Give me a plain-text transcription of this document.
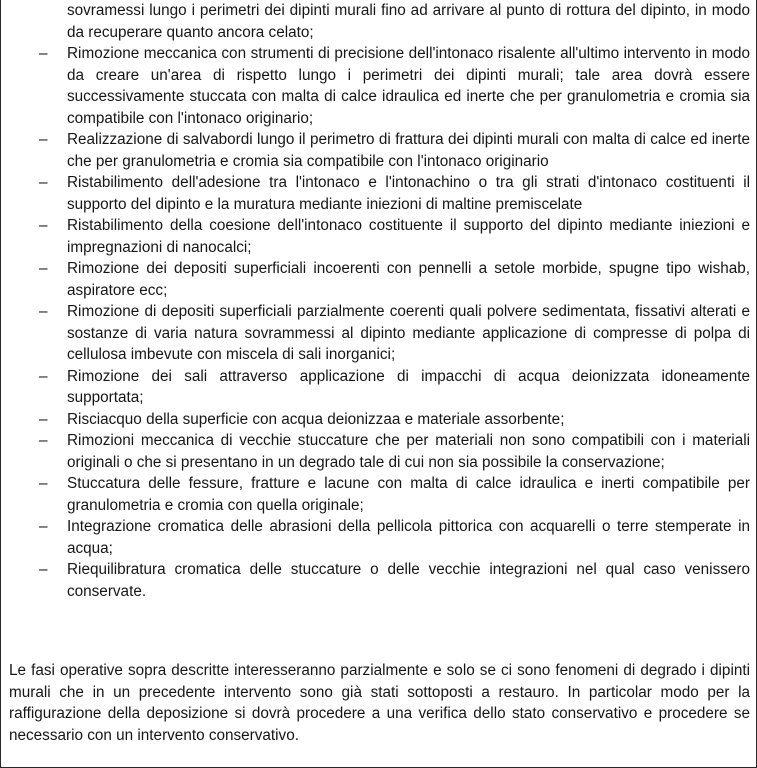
sovramessi lungo i perimetri dei dipinti murali fino ad arrivare al punto di rottura del dipinto, in modo da recuperare quanto ancora celato;
– Rimozione meccanica con strumenti di precisione dell'intonaco risalente all'ultimo intervento in modo da creare un'area di rispetto lungo i perimetri dei dipinti murali; tale area dovrà essere successivamente stuccata con malta di calce idraulica ed inerte che per granulometria e cromia sia compatibile con l'intonaco originario;
– Realizzazione di salvabordi lungo il perimetro di frattura dei dipinti murali con malta di calce ed inerte che per granulometria e cromia sia compatibile con l'intonaco originario
– Ristabilimento dell'adesione tra l'intonaco e l'intonachino o tra gli strati d'intonaco costituenti il supporto del dipinto e la muratura mediante iniezioni di maltine premiscelate
– Ristabilimento della coesione dell'intonaco costituente il supporto del dipinto mediante iniezioni e impregnazioni di nanocalci;
– Rimozione dei depositi superficiali incoerenti con pennelli a setole morbide, spugne tipo wishab, aspiratore ecc;
– Rimozione di depositi superficiali parzialmente coerenti quali polvere sedimentata, fissativi alterati e sostanze di varia natura sovrammessi al dipinto mediante applicazione di compresse di polpa di cellulosa imbevute con miscela di sali inorganici;
– Rimozione dei sali attraverso applicazione di impacchi di acqua deionizzata idoneamente supportata;
– Risciacquo della superficie con acqua deionizzaa e materiale assorbente;
– Rimozioni meccanica di vecchie stuccature che per materiali non sono compatibili con i materiali originali o che si presentano in un degrado tale di cui non sia possibile la conservazione;
– Stuccatura delle fessure, fratture e lacune con malta di calce idraulica e inerti compatibile per granulometria e cromia con quella originale;
– Integrazione cromatica delle abrasioni della pellicola pittorica con acquarelli o terre stemperate in acqua;
– Riequilibratura cromatica delle stuccature o delle vecchie integrazioni nel qual caso venissero conservate.

Le fasi operative sopra descritte interesseranno parzialmente e solo se ci sono fenomeni di degrado i dipinti murali che in un precedente intervento sono già stati sottoposti a restauro. In particolar modo per la raffigurazione della deposizione si dovrà procedere a una verifica dello stato conservativo e procedere se necessario con un intervento conservativo.
